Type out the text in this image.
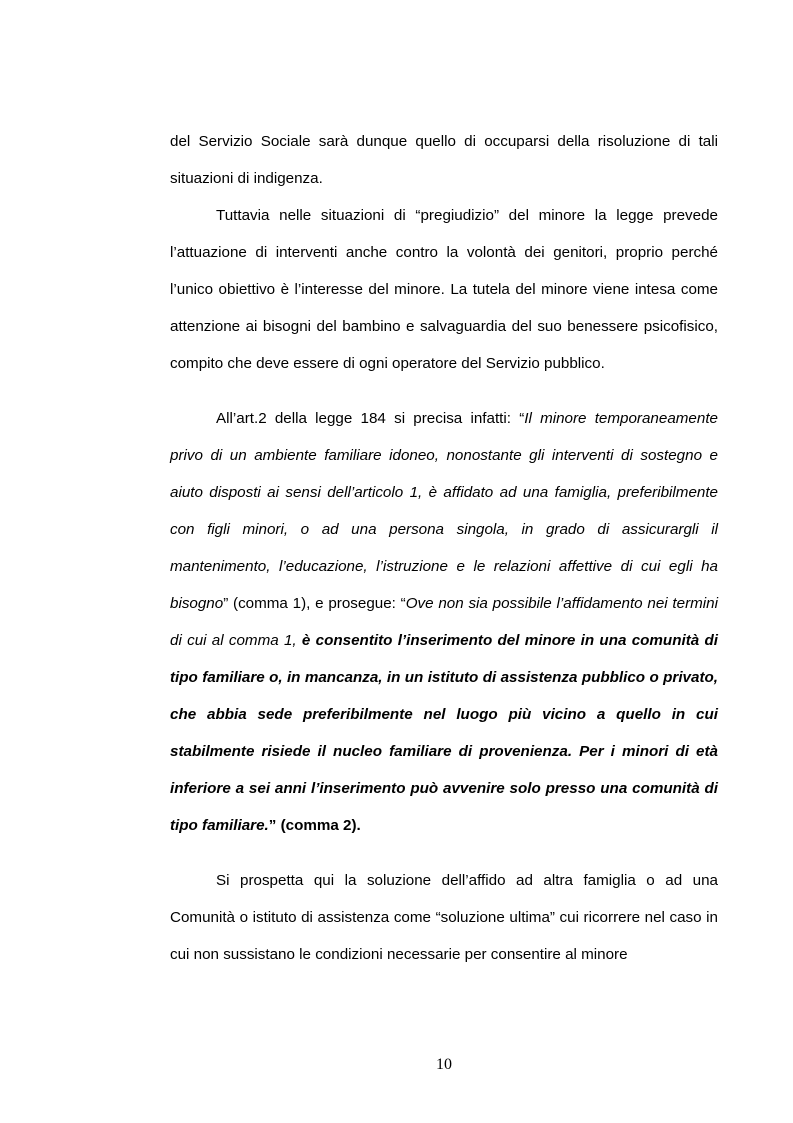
del Servizio Sociale sarà dunque quello di occuparsi della risoluzione di tali situazioni di indigenza.

Tuttavia nelle situazioni di “pregiudizio” del minore la legge prevede l’attuazione di interventi anche contro la volontà dei genitori, proprio perché l’unico obiettivo è l’interesse del minore. La tutela del minore viene intesa come attenzione ai bisogni del bambino e salvaguardia del suo benessere psicofisico, compito che deve essere di ogni operatore del Servizio pubblico.

All’art.2 della legge 184 si precisa infatti: “Il minore temporaneamente privo di un ambiente familiare idoneo, nonostante gli interventi di sostegno e aiuto disposti ai sensi dell’articolo 1, è affidato ad una famiglia, preferibilmente con figli minori, o ad una persona singola, in grado di assicurargli il mantenimento, l’educazione, l’istruzione e le relazioni affettive di cui egli ha bisogno” (comma 1), e prosegue: “Ove non sia possibile l’affidamento nei termini di cui al comma 1, è consentito l’inserimento del minore in una comunità di tipo familiare o, in mancanza, in un istituto di assistenza pubblico o privato, che abbia sede preferibilmente nel luogo più vicino a quello in cui stabilmente risiede il nucleo familiare di provenienza. Per i minori di età inferiore a sei anni l’inserimento può avvenire solo presso una comunità di tipo familiare.” (comma 2).

Si prospetta qui la soluzione dell’affido ad altra famiglia o ad una Comunità o istituto di assistenza come “soluzione ultima” cui ricorrere nel caso in cui non sussistano le condizioni necessarie per consentire al minore

10
